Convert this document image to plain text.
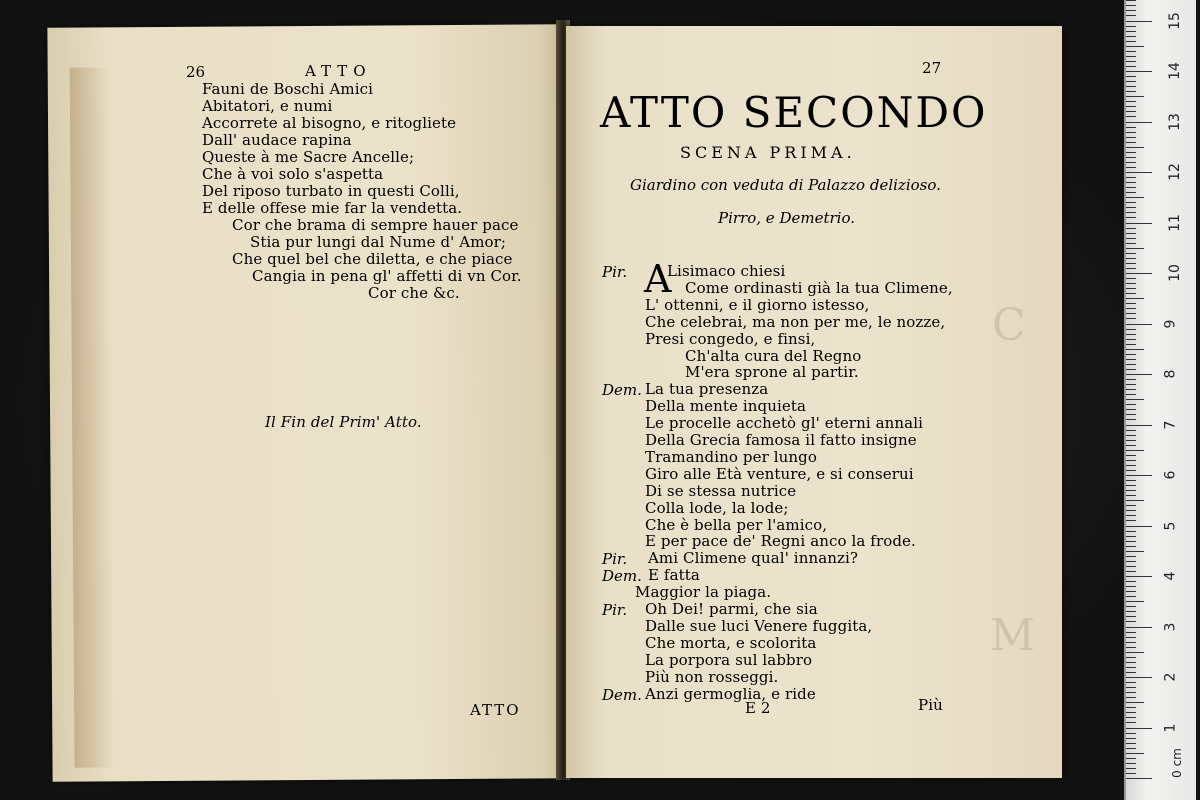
C
M
26	ATTO
Fauni de Boschi Amici
Abitatori, e numi
Accorrete al bisogno, e ritogliete
Dall' audace rapina
Queste à me Sacre Ancelle;
Che à voi solo s'aspetta
Del riposo turbato in questi Colli,
E delle offese mie far la vendetta.
Cor che brama di sempre hauer pace
Stia pur lungi dal Nume d' Amor;
Che quel bel che diletta, e che piace
Cangia in pena gl' affetti di vn Cor.
Cor che &c.
Il Fin del Prim' Atto.
ATTO
27
ATTO SECONDO
SCENA PRIMA.
Giardino con veduta di Palazzo delizioso.
Pirro, e Demetrio.
A
Pir.	Lisimaco chiesi
Come ordinasti già la tua Climene,
L' ottenni, e il giorno istesso,
Che celebrai, ma non per me, le nozze,
Presi congedo, e finsi,
Ch'alta cura del Regno
M'era sprone al partir.
Dem. La tua presenza
Della mente inquieta
Le procelle acchetò gl' eterni annali
Della Grecia famosa il fatto insigne
Tramandino per lungo
Giro alle Età venture, e si conserui
Di se stessa nutrice
Colla lode, la lode;
Che è bella per l'amico,
E per pace de' Regni anco la frode.
Pir. Ami Climene qual' innanzi?
Dem. E fatta
Maggior la piaga.
Pir. Oh Dei! parmi, che sia
Dalle sue luci Venere fuggita,
Che morta, e scolorita
La porpora sul labbro
Più non rosseggi.
Dem. Anzi germoglia, e ride
E 2	Più
15
14
13
12
11
10
9
8
7
6
5
4
3
2
1
0 cm
